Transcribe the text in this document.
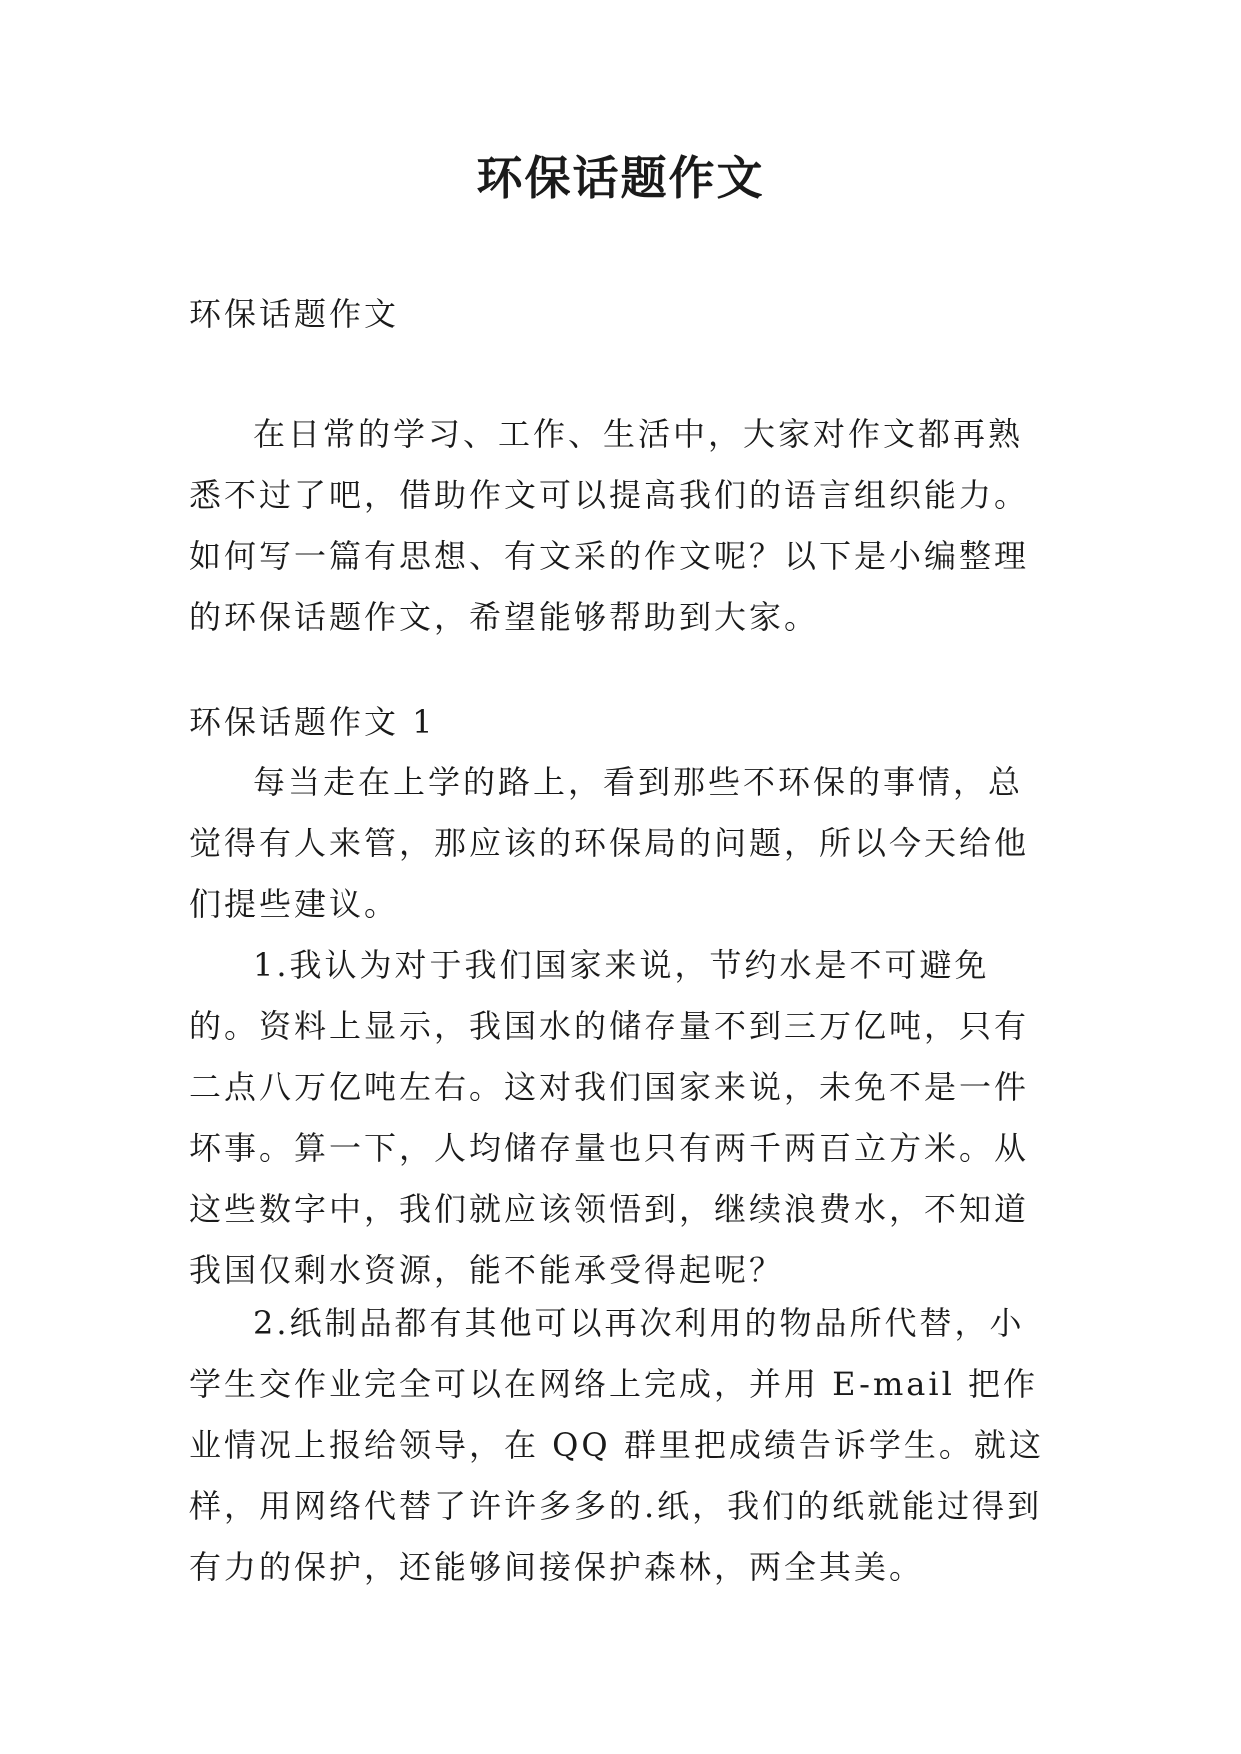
环保话题作文

环保话题作文

在日常的学习、工作、生活中，大家对作文都再熟悉不过了吧，借助作文可以提高我们的语言组织能力。如何写一篇有思想、有文采的作文呢？以下是小编整理的环保话题作文，希望能够帮助到大家。

环保话题作文 1

每当走在上学的路上，看到那些不环保的事情，总觉得有人来管，那应该的环保局的问题，所以今天给他们提些建议。

1.我认为对于我们国家来说，节约水是不可避免的。资料上显示，我国水的储存量不到三万亿吨，只有二点八万亿吨左右。这对我们国家来说，未免不是一件坏事。算一下，人均储存量也只有两千两百立方米。从这些数字中，我们就应该领悟到，继续浪费水，不知道我国仅剩水资源，能不能承受得起呢？

2.纸制品都有其他可以再次利用的物品所代替，小学生交作业完全可以在网络上完成，并用 E-mail 把作业情况上报给领导，在 QQ 群里把成绩告诉学生。就这样，用网络代替了许许多多的.纸，我们的纸就能过得到有力的保护，还能够间接保护森林，两全其美。
